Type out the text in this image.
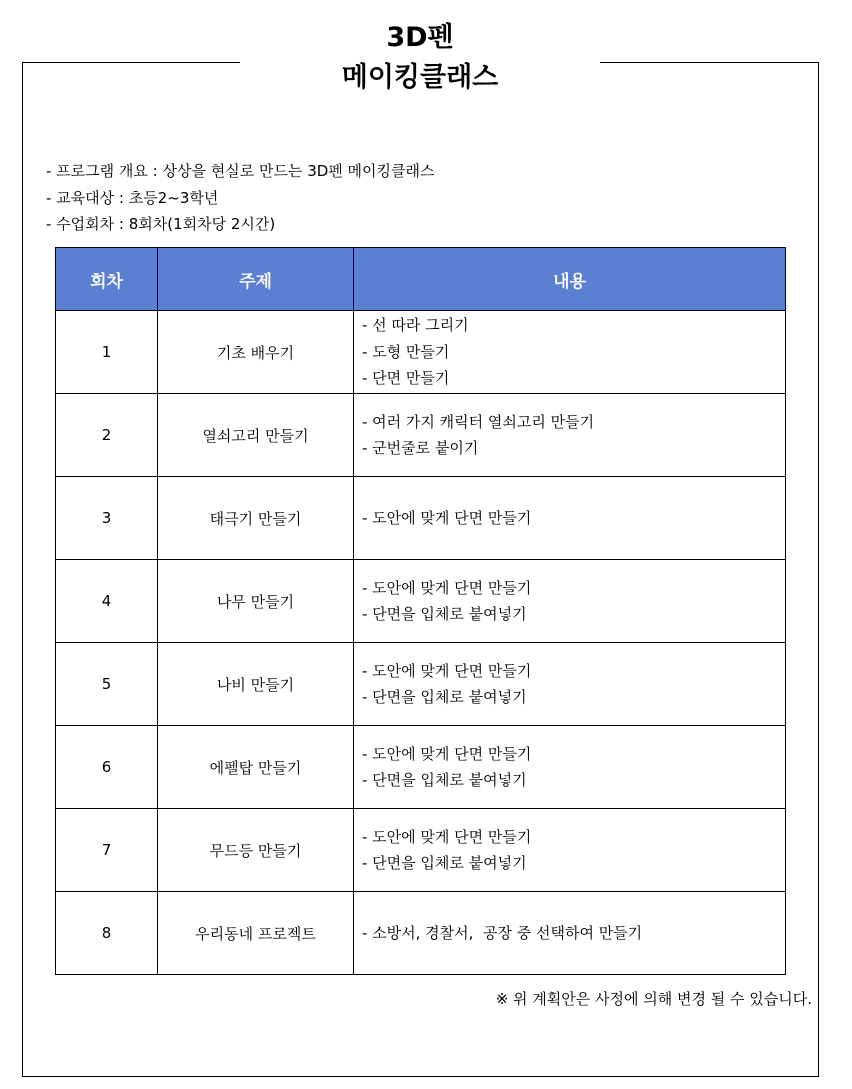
3D펜
메이킹클래스
- 프로그램 개요 : 상상을 현실로 만드는 3D펜 메이킹클래스
- 교육대상 : 초등2~3학년
- 수업회차 : 8회차(1회차당 2시간)
회차	주제	내용
1	기초 배우기	- 선 따라 그리기
- 도형 만들기
- 단면 만들기

2	열쇠고리 만들기	- 여러 가지 캐릭터 열쇠고리 만들기
- 군번줄로 붙이기

3	태극기 만들기	- 도안에 맞게 단면 만들기

4	나무 만들기	- 도안에 맞게 단면 만들기
- 단면을 입체로 붙여넣기

5	나비 만들기	- 도안에 맞게 단면 만들기
- 단면을 입체로 붙여넣기

6	에펠탑 만들기	- 도안에 맞게 단면 만들기
- 단면을 입체로 붙여넣기

7	무드등 만들기	- 도안에 맞게 단면 만들기
- 단면을 입체로 붙여넣기

8	우리동네 프로젝트	- 소방서, 경찰서,  공장 중 선택하여 만들기
※ 위 계획안은 사정에 의해 변경 될 수 있습니다.
